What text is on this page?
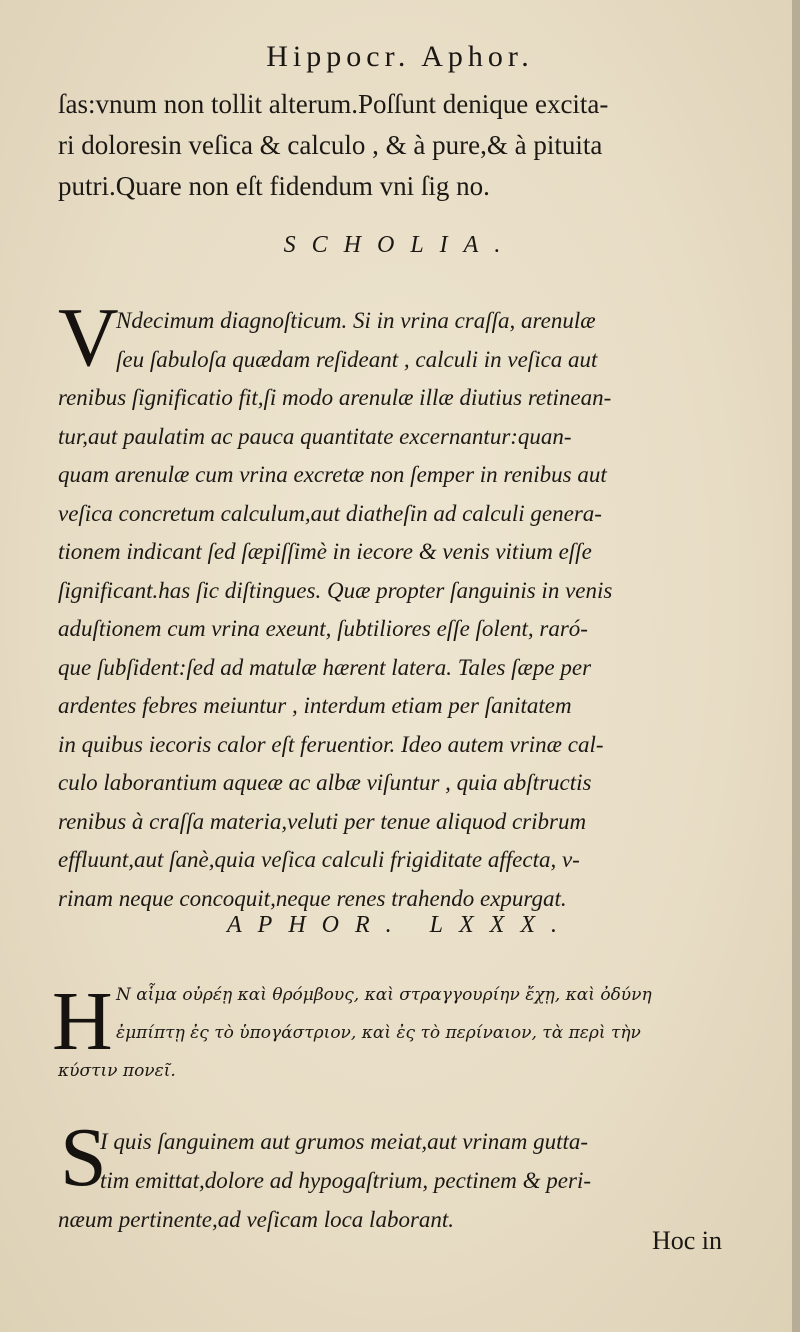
Hippocr. Aphor.
ſas:vnum non tollit alterum.Poſſunt denique excita-
ri doloresin veſica & calculo , & à pure,& à pituita
putri.Quare non eſt fidendum vni ſig no.
SCHOLIA.
V
Ndecimum diagnoſticum. Si in vrina craſſa, arenulæ
ſeu ſabuloſa quædam reſideant , calculi in veſica aut
renibus ſignificatio fit,ſi modo arenulæ illæ diutius retinean-
tur,aut paulatim ac pauca quantitate excernantur:quan-
quam arenulæ cum vrina excretæ non ſemper in renibus aut
veſica concretum calculum,aut diatheſin ad calculi genera-
tionem indicant ſed ſæpiſſimè in iecore & venis vitium eſſe
ſignificant.has ſic diſtingues. Quæ propter ſanguinis in venis
aduſtionem cum vrina exeunt, ſubtiliores eſſe ſolent, raró-
que ſubſident:ſed ad matulæ hærent latera. Tales ſæpe per
ardentes febres meiuntur , interdum etiam per ſanitatem
in quibus iecoris calor eſt feruentior. Ideo autem vrinæ cal-
culo laborantium aqueæ ac albæ viſuntur , quia abſtructis
renibus à craſſa materia,veluti per tenue aliquod cribrum
effluunt,aut ſanè,quia veſica calculi frigiditate affecta, v-
rinam neque concoquit,neque renes trahendo expurgat.
APHOR. LXXX.
H N αἷμα οὐρέῃ καὶ θρόμβους, καὶ στραγγουρίην ἔχῃ, καὶ ὀδύνη
ἐμπίπτῃ ἐς τὸ ὑπογάστριον, καὶ ἐς τὸ περίναιον, τὰ περὶ τὴν
κύστιν πονεῖ.
S
I quis ſanguinem aut grumos meiat,aut vrinam gutta-
tim emittat,dolore ad hypogaſtrium, pectinem & peri-
næum pertinente,ad veſicam loca laborant.
Hoc in
